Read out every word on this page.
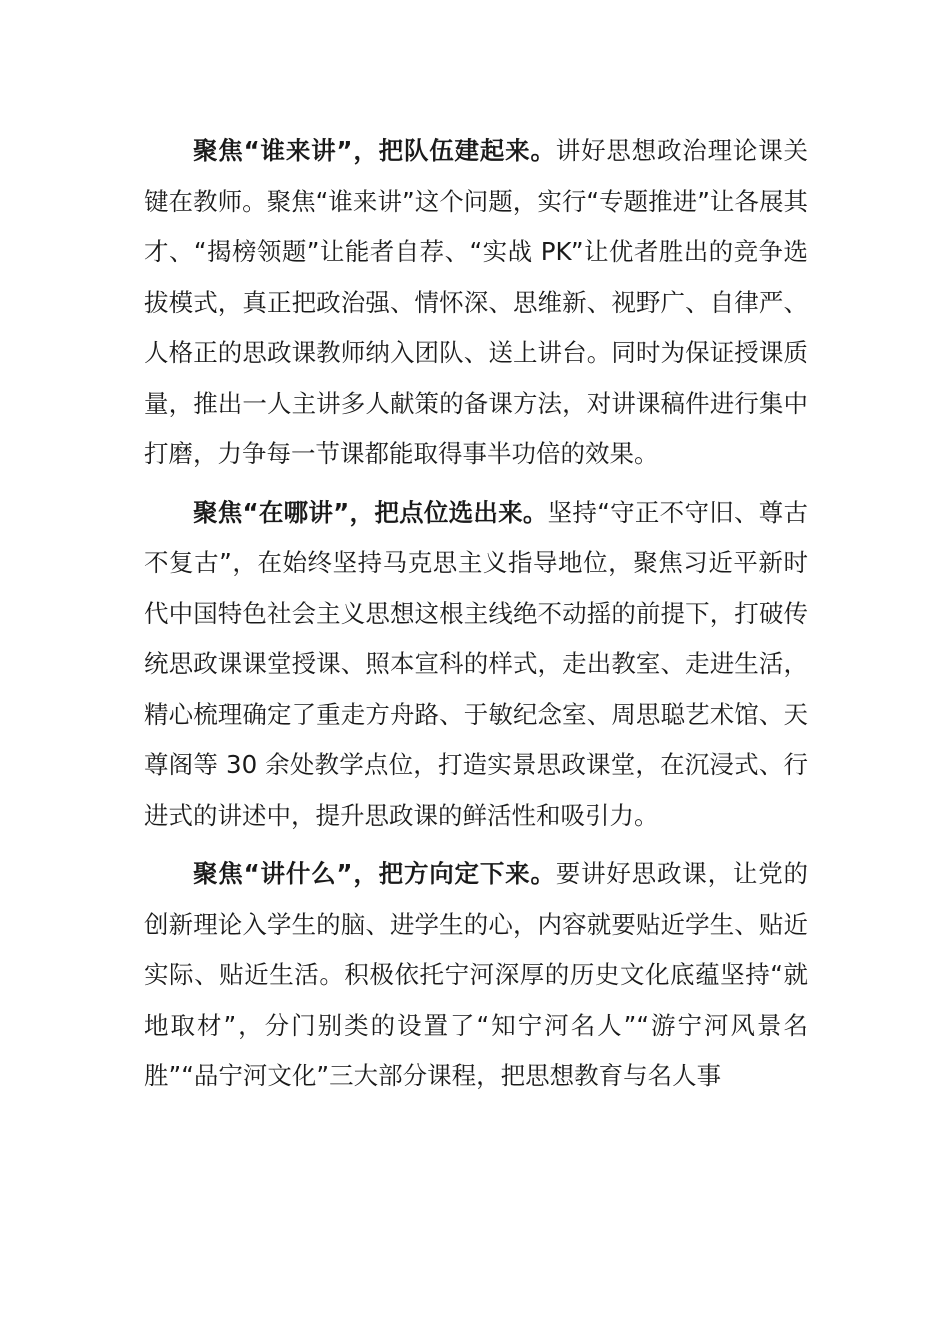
聚焦“谁来讲”，把队伍建起来。讲好思想政治理论课关键在教师。聚焦“谁来讲”这个问题，实行“专题推进”让各展其才、“揭榜领题”让能者自荐、“实战 PK”让优者胜出的竞争选拔模式，真正把政治强、情怀深、思维新、视野广、自律严、人格正的思政课教师纳入团队、送上讲台。同时为保证授课质量，推出一人主讲多人献策的备课方法，对讲课稿件进行集中打磨，力争每一节课都能取得事半功倍的效果。

聚焦“在哪讲”，把点位选出来。坚持“守正不守旧、尊古不复古”，在始终坚持马克思主义指导地位，聚焦习近平新时代中国特色社会主义思想这根主线绝不动摇的前提下，打破传统思政课课堂授课、照本宣科的样式，走出教室、走进生活，精心梳理确定了重走方舟路、于敏纪念室、周思聪艺术馆、天尊阁等 30 余处教学点位，打造实景思政课堂，在沉浸式、行进式的讲述中，提升思政课的鲜活性和吸引力。

聚焦“讲什么”，把方向定下来。要讲好思政课，让党的创新理论入学生的脑、进学生的心，内容就要贴近学生、贴近实际、贴近生活。积极依托宁河深厚的历史文化底蕴坚持“就地取材”，分门别类的设置了“知宁河名人”“游宁河风景名胜”“品宁河文化”三大部分课程，把思想教育与名人事
